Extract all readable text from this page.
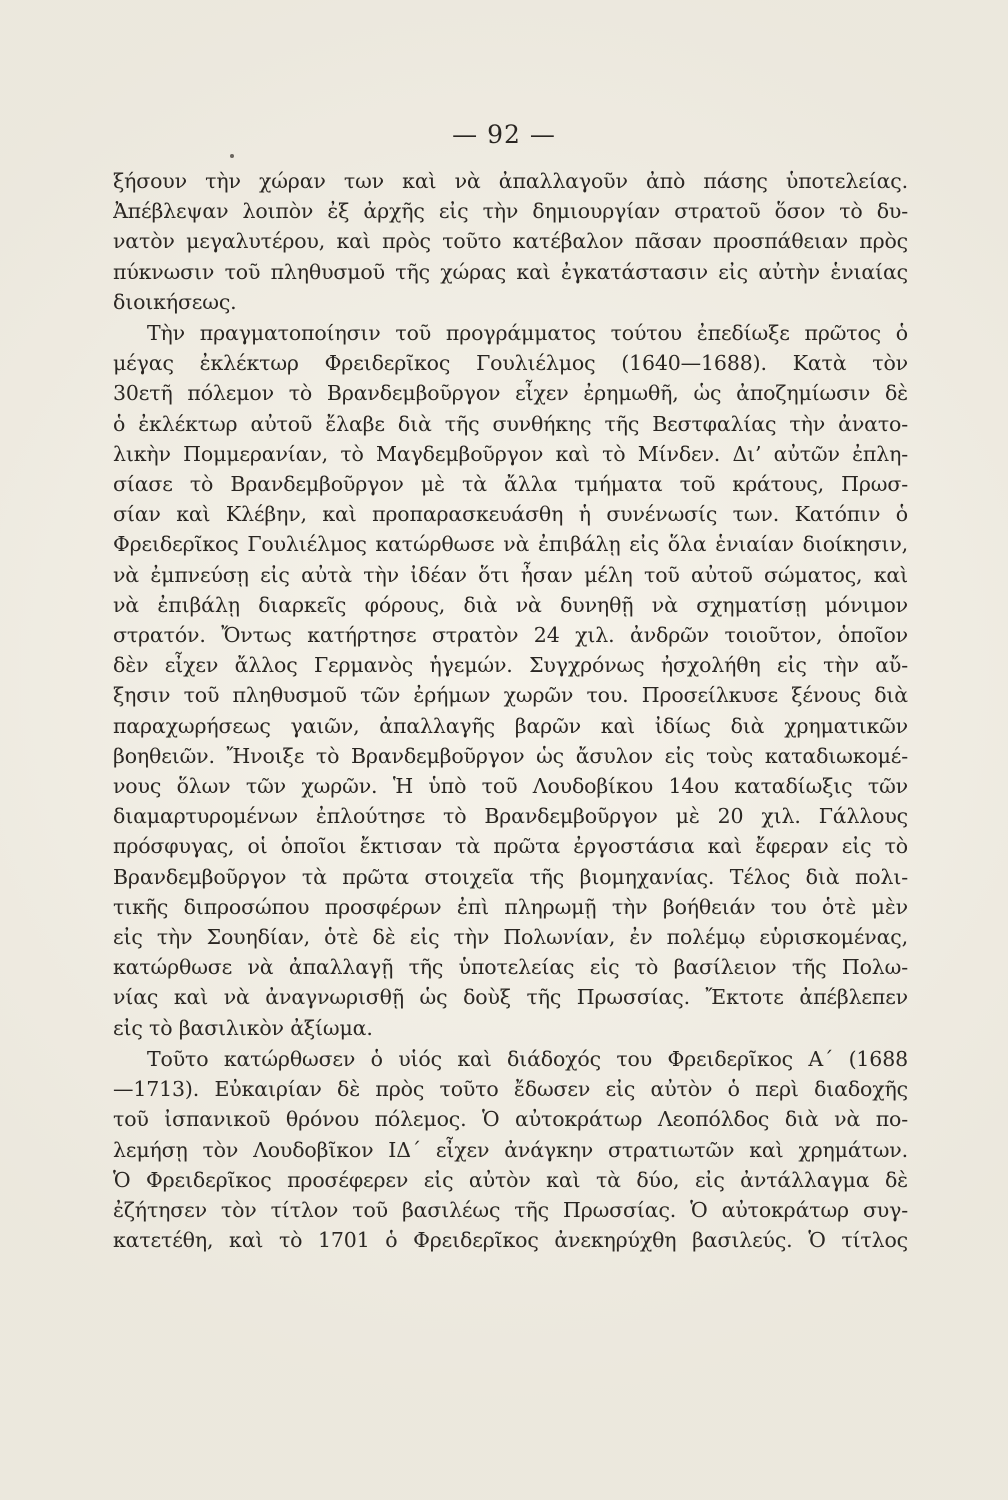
— 92 —
ξήσουν τὴν χώραν των καὶ νὰ ἀπαλλαγοῦν ἀπὸ πάσης ὑποτελείας.
Ἀπέβλεψαν λοιπὸν ἐξ ἀρχῆς εἰς τὴν δημιουργίαν στρατοῦ ὅσον τὸ δυ-
νατὸν μεγαλυτέρου, καὶ πρὸς τοῦτο κατέβαλον πᾶσαν προσπάθειαν πρὸς
πύκνωσιν τοῦ πληθυσμοῦ τῆς χώρας καὶ ἐγκατάστασιν εἰς αὐτὴν ἑνιαίας
διοικήσεως.
Τὴν πραγματοποίησιν τοῦ προγράμματος τούτου ἐπεδίωξε πρῶτος ὁ
μέγας ἐκλέκτωρ Φρειδερῖκος Γουλιέλμος (1640—1688). Κατὰ τὸν
30ετῆ πόλεμον τὸ Βρανδεμβοῦργον εἶχεν ἐρημωθῆ, ὡς ἀποζημίωσιν δὲ
ὁ ἐκλέκτωρ αὐτοῦ ἔλαβε διὰ τῆς συνθήκης τῆς Βεστφαλίας τὴν ἀνατο-
λικὴν Πομμερανίαν, τὸ Μαγδεμβοῦργον καὶ τὸ Μίνδεν. Δι’ αὐτῶν ἐπλη-
σίασε τὸ Βρανδεμβοῦργον μὲ τὰ ἄλλα τμήματα τοῦ κράτους, Πρωσ-
σίαν καὶ Κλέβην, καὶ προπαρασκευάσθη ἡ συνένωσίς των. Κατόπιν ὁ
Φρειδερῖκος Γουλιέλμος κατώρθωσε νὰ ἐπιβάλῃ εἰς ὅλα ἑνιαίαν διοίκησιν,
νὰ ἐμπνεύσῃ εἰς αὐτὰ τὴν ἰδέαν ὅτι ἦσαν μέλη τοῦ αὐτοῦ σώματος, καὶ
νὰ ἐπιβάλῃ διαρκεῖς φόρους, διὰ νὰ δυνηθῇ νὰ σχηματίσῃ μόνιμον
στρατόν. Ὄντως κατήρτησε στρατὸν 24 χιλ. ἀνδρῶν τοιοῦτον, ὁποῖον
δὲν εἶχεν ἄλλος Γερμανὸς ἡγεμών. Συγχρόνως ἠσχολήθη εἰς τὴν αὔ-
ξησιν τοῦ πληθυσμοῦ τῶν ἐρήμων χωρῶν του. Προσείλκυσε ξένους διὰ
παραχωρήσεως γαιῶν, ἀπαλλαγῆς βαρῶν καὶ ἰδίως διὰ χρηματικῶν
βοηθειῶν. Ἤνοιξε τὸ Βρανδεμβοῦργον ὡς ἄσυλον εἰς τοὺς καταδιωκομέ-
νους ὅλων τῶν χωρῶν. Ἡ ὑπὸ τοῦ Λουδοβίκου 14ου καταδίωξις τῶν
διαμαρτυρομένων ἐπλούτησε τὸ Βρανδεμβοῦργον μὲ 20 χιλ. Γάλλους
πρόσφυγας, οἱ ὁποῖοι ἔκτισαν τὰ πρῶτα ἐργοστάσια καὶ ἔφεραν εἰς τὸ
Βρανδεμβοῦργον τὰ πρῶτα στοιχεῖα τῆς βιομηχανίας. Τέλος διὰ πολι-
τικῆς διπροσώπου προσφέρων ἐπὶ πληρωμῇ τὴν βοήθειάν του ὁτὲ μὲν
εἰς τὴν Σουηδίαν, ὁτὲ δὲ εἰς τὴν Πολωνίαν, ἐν πολέμῳ εὑρισκομένας,
κατώρθωσε νὰ ἀπαλλαγῇ τῆς ὑποτελείας εἰς τὸ βασίλειον τῆς Πολω-
νίας καὶ νὰ ἀναγνωρισθῇ ὡς δοὺξ τῆς Πρωσσίας. Ἔκτοτε ἀπέβλεπεν
εἰς τὸ βασιλικὸν ἀξίωμα.
Τοῦτο κατώρθωσεν ὁ υἱός καὶ διάδοχός του Φρειδερῖκος Α΄ (1688
—1713). Εὐκαιρίαν δὲ πρὸς τοῦτο ἔδωσεν εἰς αὐτὸν ὁ περὶ διαδοχῆς
τοῦ ἰσπανικοῦ θρόνου πόλεμος. Ὁ αὐτοκράτωρ Λεοπόλδος διὰ νὰ πο-
λεμήσῃ τὸν Λουδοβῖκον ΙΔ΄ εἶχεν ἀνάγκην στρατιωτῶν καὶ χρημάτων.
Ὁ Φρειδερῖκος προσέφερεν εἰς αὐτὸν καὶ τὰ δύο, εἰς ἀντάλλαγμα δὲ
ἐζήτησεν τὸν τίτλον τοῦ βασιλέως τῆς Πρωσσίας. Ὁ αὐτοκράτωρ συγ-
κατετέθη, καὶ τὸ 1701 ὁ Φρειδερῖκος ἀνεκηρύχθη βασιλεύς. Ὁ τίτλος
